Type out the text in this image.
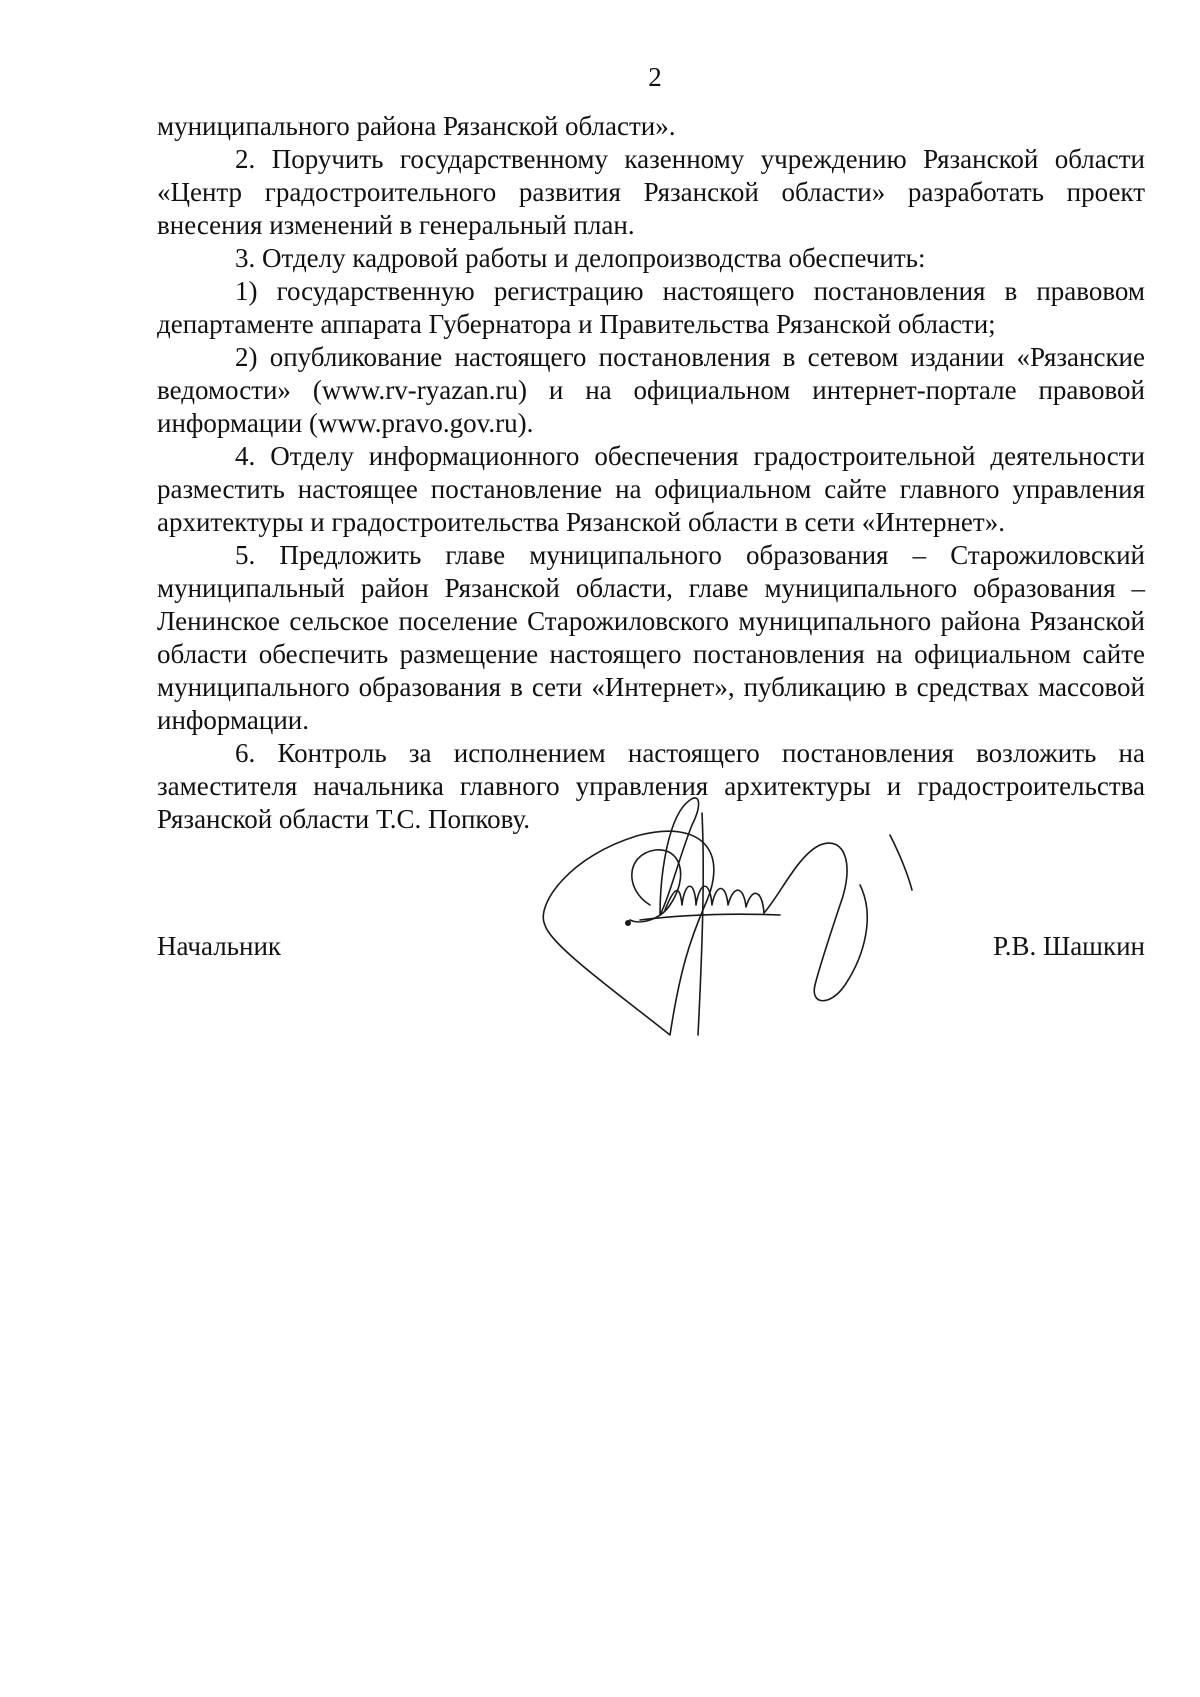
2

муниципального района Рязанской области».

2. Поручить государственному казенному учреждению Рязанской области «Центр градостроительного развития Рязанской области» разработать проект внесения изменений в генеральный план.

3. Отделу кадровой работы и делопроизводства обеспечить:

1) государственную регистрацию настоящего постановления в правовом департаменте аппарата Губернатора и Правительства Рязанской области;

2) опубликование настоящего постановления в сетевом издании «Рязанские ведомости» (www.rv-ryazan.ru) и на официальном интернет-портале правовой информации (www.pravo.gov.ru).

4. Отделу информационного обеспечения градостроительной деятельности разместить настоящее постановление на официальном сайте главного управления архитектуры и градостроительства Рязанской области в сети «Интернет».

5. Предложить главе муниципального образования – Старожиловский муниципальный район Рязанской области, главе муниципального образования – Ленинское сельское поселение Старожиловского муниципального района Рязанской области обеспечить размещение настоящего постановления на официальном сайте муниципального образования в сети «Интернет», публикацию в средствах массовой информации.

6. Контроль за исполнением настоящего постановления возложить на заместителя начальника главного управления архитектуры и градостроительства Рязанской области Т.С. Попкову.

Начальник	Р.В. Шашкин
